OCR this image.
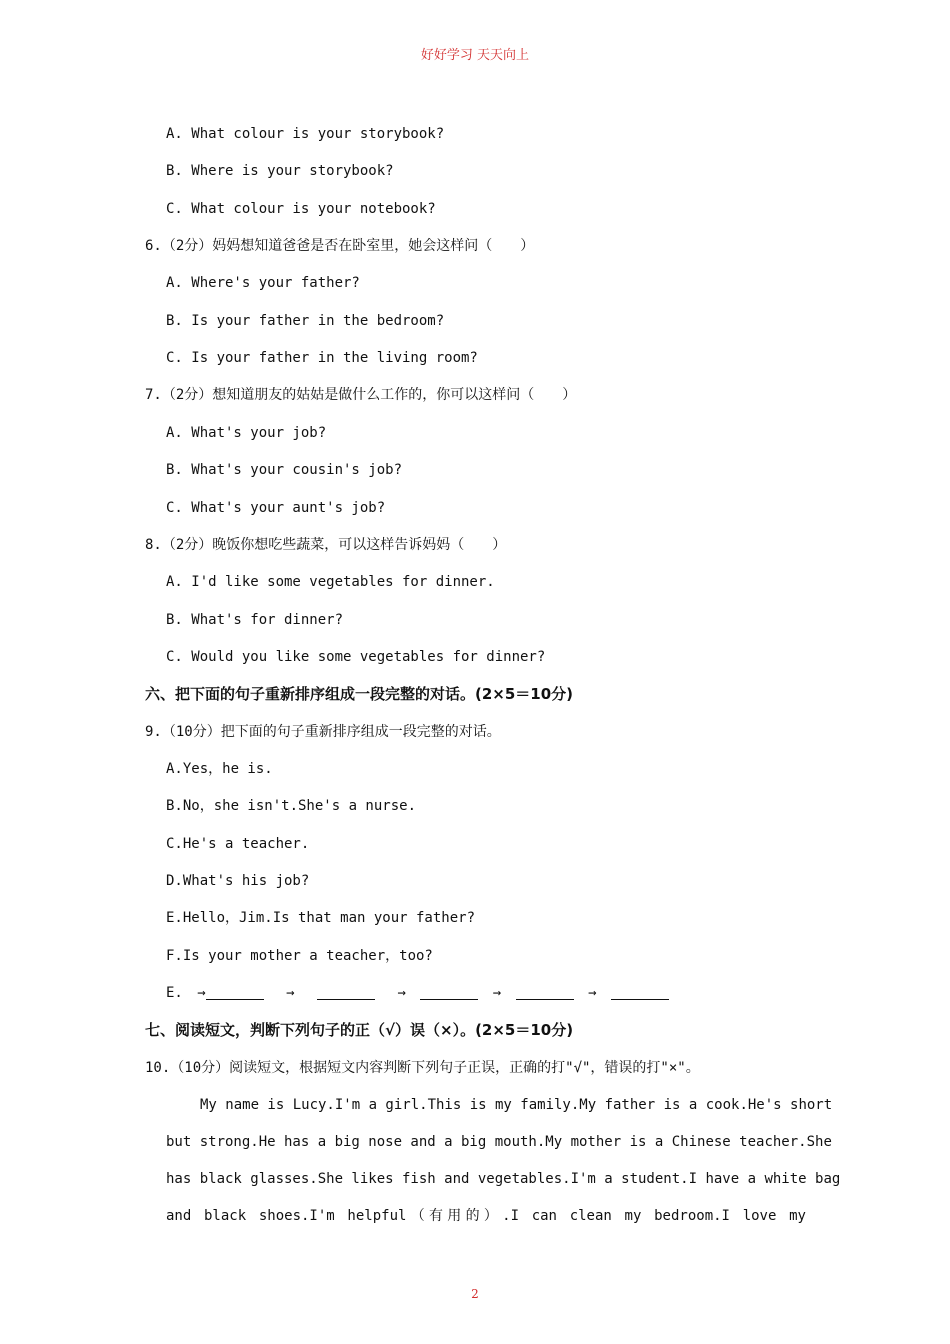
好好学习 天天向上
A. What colour is your storybook?
B. Where is your storybook?
C. What colour is your notebook?
6.（2分）妈妈想知道爸爸是否在卧室里，她会这样问（　　）
A. Where's your father?
B. Is your father in the bedroom?
C. Is your father in the living room?
7.（2分）想知道朋友的姑姑是做什么工作的，你可以这样问（　　）
A. What's your job?
B. What's your cousin's job?
C. What's your aunt's job?
8.（2分）晚饭你想吃些蔬菜，可以这样告诉妈妈（　　）
A. I'd like some vegetables for dinner.
B. What's for dinner?
C. Would you like some vegetables for dinner?
六、把下面的句子重新排序组成一段完整的对话。(2×5＝10分)
9.（10分）把下面的句子重新排序组成一段完整的对话。
A.Yes，he is.
B.No，she isn't.She's a nurse.
C.He's a teacher.
D.What's his job?
E.Hello，Jim.Is that man your father?
F.Is your mother a teacher，too?
E. →	→	→	→	→
七、阅读短文，判断下列句子的正（√）误（×）。(2×5＝10分)
10.（10分）阅读短文，根据短文内容判断下列句子正误，正确的打"√"，错误的打"×"。
My name is Lucy.I'm a girl.This is my family.My father is a cook.He's short
but strong.He has a big nose and a big mouth.My mother is a Chinese teacher.She
has black glasses.She likes fish and vegetables.I'm a student.I have a white bag
and black shoes.I'm helpful（有用的）.I can clean my bedroom.I love my
2
